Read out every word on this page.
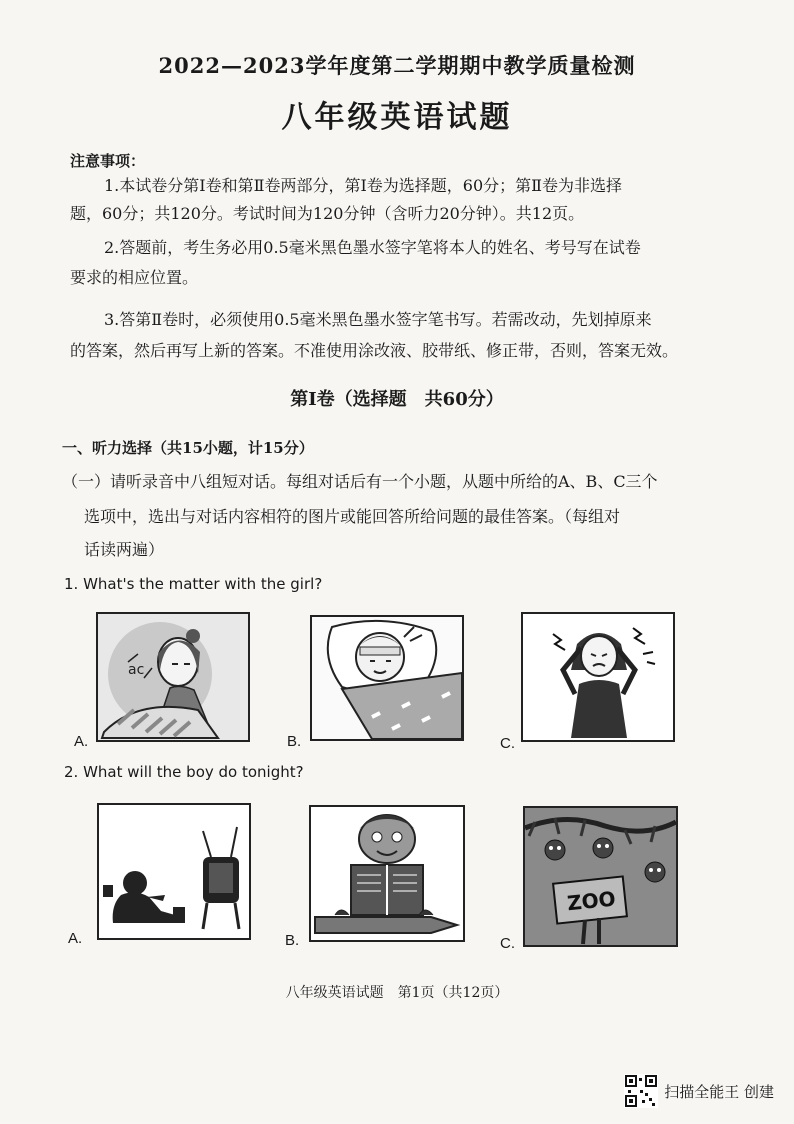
2022—2023学年度第二学期期中教学质量检测
八年级英语试题
注意事项：
1.本试卷分第Ⅰ卷和第Ⅱ卷两部分，第Ⅰ卷为选择题，60分；第Ⅱ卷为非选择
题，60分；共120分。考试时间为120分钟（含听力20分钟）。共12页。
2.答题前，考生务必用0.5毫米黑色墨水签字笔将本人的姓名、考号写在试卷
要求的相应位置。
3.答第Ⅱ卷时，必须使用0.5毫米黑色墨水签字笔书写。若需改动，先划掉原来
的答案，然后再写上新的答案。不准使用涂改液、胶带纸、修正带，否则，答案无效。
第Ⅰ卷（选择题　共60分）
一、听力选择（共15小题，计15分）
（一）请听录音中八组短对话。每组对话后有一个小题，从题中所给的A、B、C三个
选项中，选出与对话内容相符的图片或能回答所给问题的最佳答案。（每组对
话读两遍）
1. What's the matter with the girl?
ac
A.	B.	C.
2. What will the boy do tonight?
A.	B.
ZOO
C.
八年级英语试题　第1页（共12页）
扫描全能王 创建
